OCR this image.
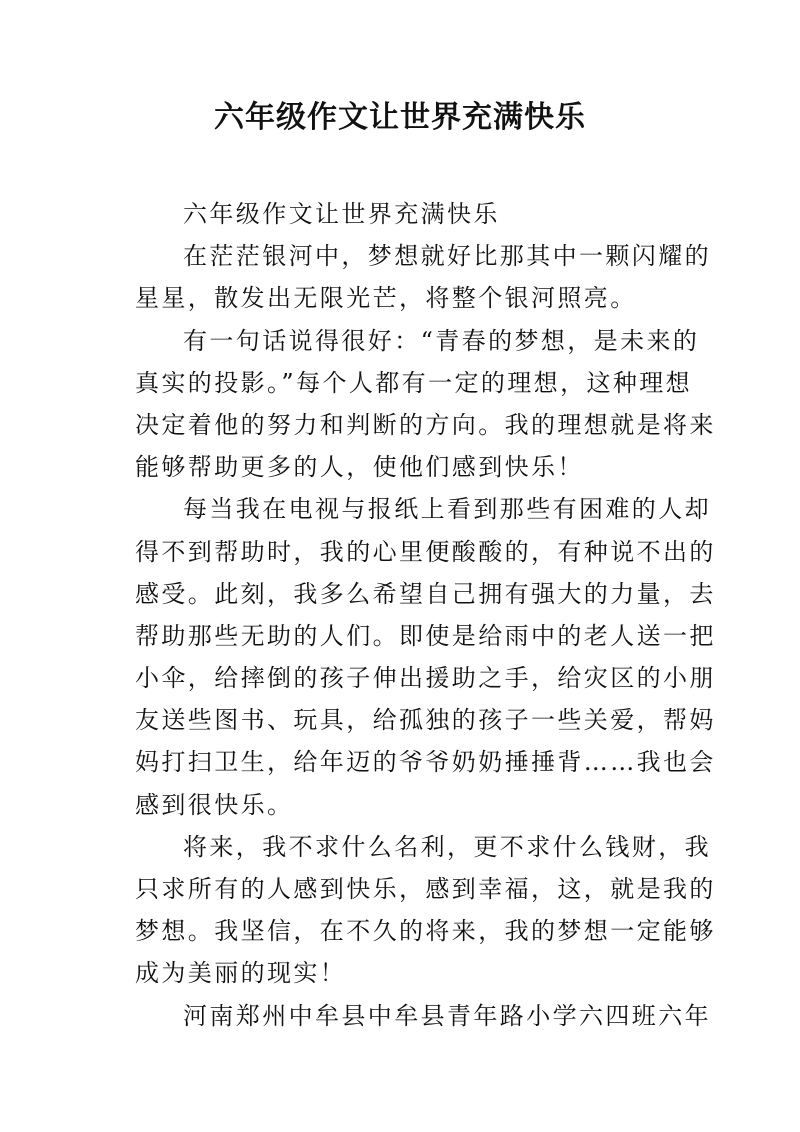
六年级作文让世界充满快乐
六年级作文让世界充满快乐
在茫茫银河中，梦想就好比那其中一颗闪耀的
星星，散发出无限光芒，将整个银河照亮。
有一句话说得很好：“青春的梦想，是未来的
真实的投影。”每个人都有一定的理想，这种理想
决定着他的努力和判断的方向。我的理想就是将来
能够帮助更多的人，使他们感到快乐！
每当我在电视与报纸上看到那些有困难的人却
得不到帮助时，我的心里便酸酸的，有种说不出的
感受。此刻，我多么希望自己拥有强大的力量，去
帮助那些无助的人们。即使是给雨中的老人送一把
小伞，给摔倒的孩子伸出援助之手，给灾区的小朋
友送些图书、玩具，给孤独的孩子一些关爱，帮妈
妈打扫卫生，给年迈的爷爷奶奶捶捶背……我也会
感到很快乐。
将来，我不求什么名利，更不求什么钱财，我
只求所有的人感到快乐，感到幸福，这，就是我的
梦想。我坚信，在不久的将来，我的梦想一定能够
成为美丽的现实！
河南郑州中牟县中牟县青年路小学六四班六年
